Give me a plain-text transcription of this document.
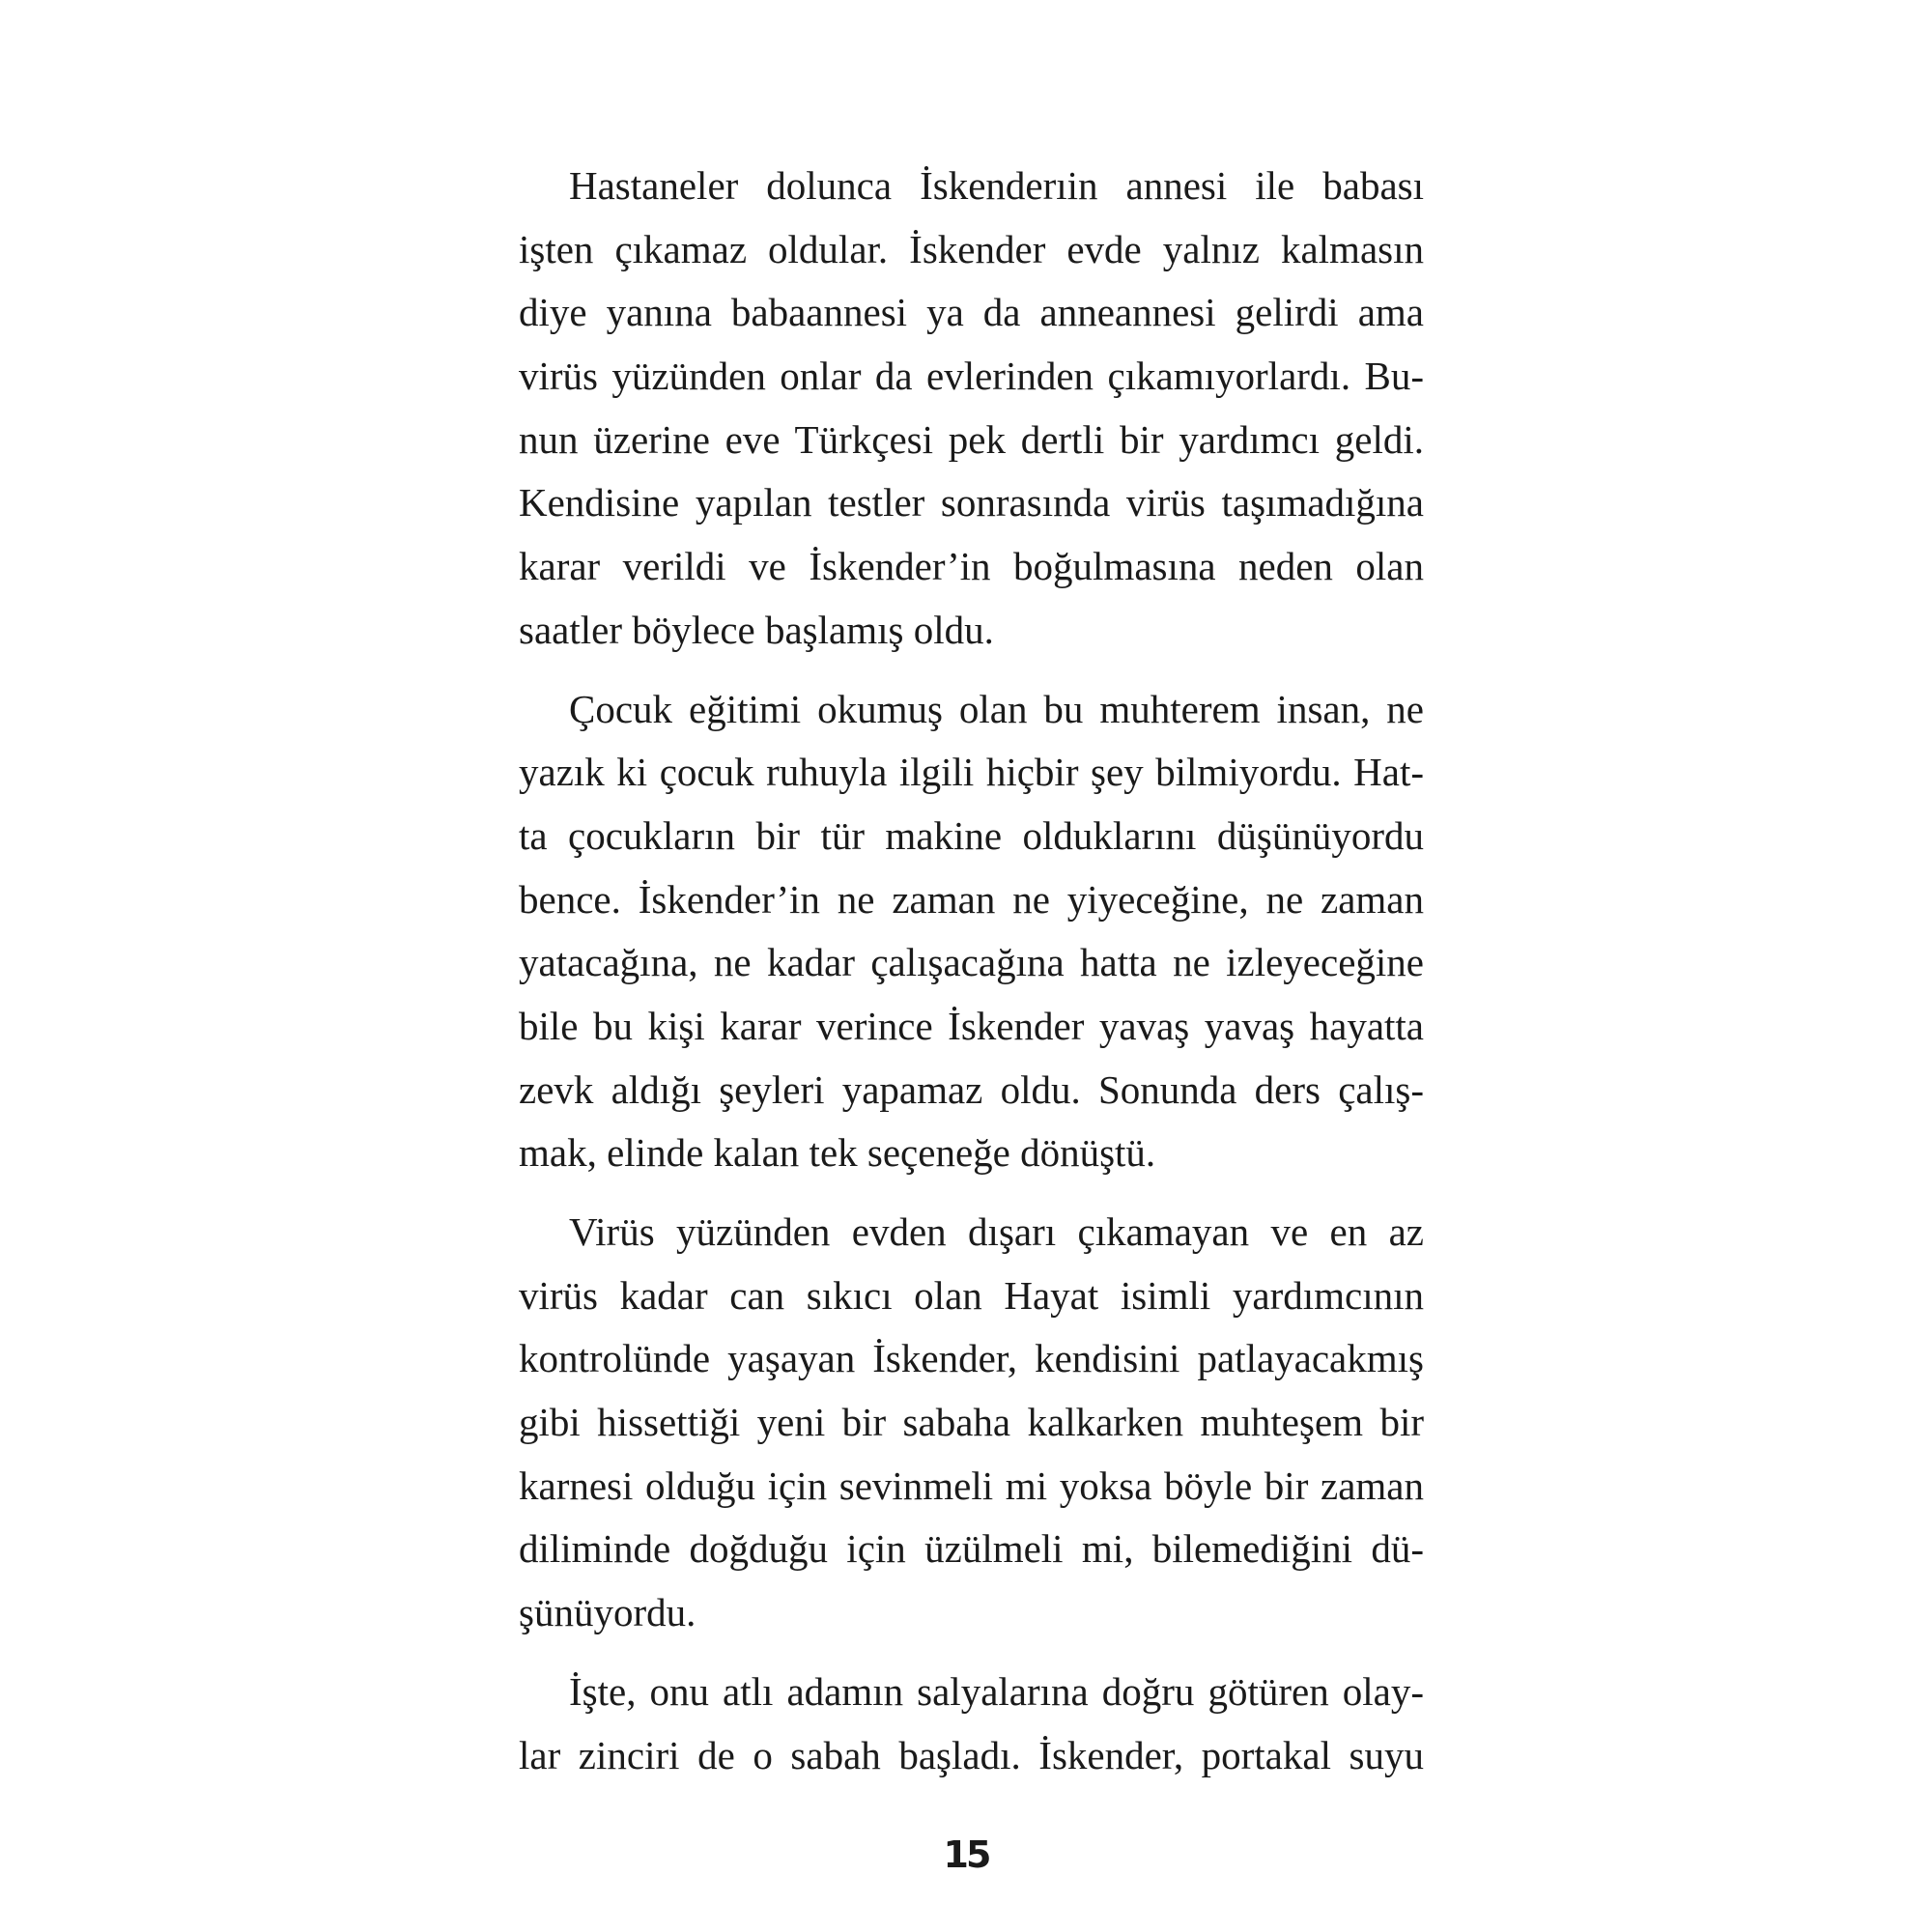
Hastaneler dolunca İskenderıin annesi ile babası
işten çıkamaz oldular. İskender evde yalnız kalmasın
diye yanına babaannesi ya da anneannesi gelirdi ama
virüs yüzünden onlar da evlerinden çıkamıyorlardı. Bu-
nun üzerine eve Türkçesi pek dertli bir yardımcı geldi.
Kendisine yapılan testler sonrasında virüs taşımadığına
karar verildi ve İskender’in boğulmasına neden olan
saatler böylece başlamış oldu.

Çocuk eğitimi okumuş olan bu muhterem insan, ne
yazık ki çocuk ruhuyla ilgili hiçbir şey bilmiyordu. Hat-
ta çocukların bir tür makine olduklarını düşünüyordu
bence. İskender’in ne zaman ne yiyeceğine, ne zaman
yatacağına, ne kadar çalışacağına hatta ne izleyeceğine
bile bu kişi karar verince İskender yavaş yavaş hayatta
zevk aldığı şeyleri yapamaz oldu. Sonunda ders çalış-
mak, elinde kalan tek seçeneğe dönüştü.

Virüs yüzünden evden dışarı çıkamayan ve en az
virüs kadar can sıkıcı olan Hayat isimli yardımcının
kontrolünde yaşayan İskender, kendisini patlayacakmış
gibi hissettiği yeni bir sabaha kalkarken muhteşem bir
karnesi olduğu için sevinmeli mi yoksa böyle bir zaman
diliminde doğduğu için üzülmeli mi, bilemediğini dü-
şünüyordu.

İşte, onu atlı adamın salyalarına doğru götüren olay-
lar zinciri de o sabah başladı. İskender, portakal suyu

15
